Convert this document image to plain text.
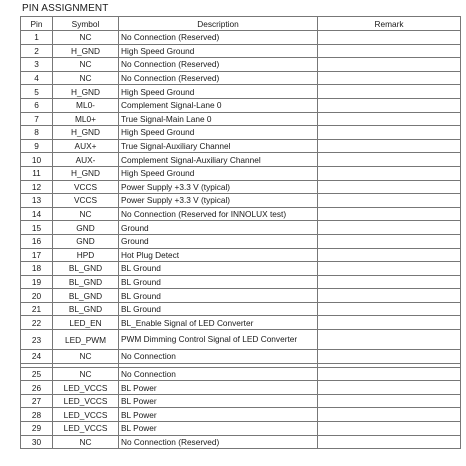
PIN ASSIGNMENT
Pin	Symbol	Description	Remark
1	NC	No Connection (Reserved)	
2	H_GND	High Speed Ground	
3	NC	No Connection (Reserved)	
4	NC	No Connection (Reserved)	
5	H_GND	High Speed Ground	
6	ML0-	Complement Signal-Lane 0	
7	ML0+	True Signal-Main Lane 0	
8	H_GND	High Speed Ground	
9	AUX+	True Signal-Auxiliary Channel	
10	AUX-	Complement Signal-Auxiliary Channel	
11	H_GND	High Speed Ground	
12	VCCS	Power Supply +3.3 V (typical)	
13	VCCS	Power Supply +3.3 V (typical)	
14	NC	No Connection (Reserved for INNOLUX test)	
15	GND	Ground	
16	GND	Ground	
17	HPD	Hot Plug Detect	
18	BL_GND	BL Ground	
19	BL_GND	BL Ground	
20	BL_GND	BL Ground	
21	BL_GND	BL Ground	
22	LED_EN	BL_Enable Signal of LED Converter	
23	LED_PWM	PWM Dimming Control Signal of LED Converter	
24	NC	No Connection	

25	NC	No Connection	
26	LED_VCCS	BL Power	
27	LED_VCCS	BL Power	
28	LED_VCCS	BL Power	
29	LED_VCCS	BL Power	
30	NC	No Connection (Reserved)	
